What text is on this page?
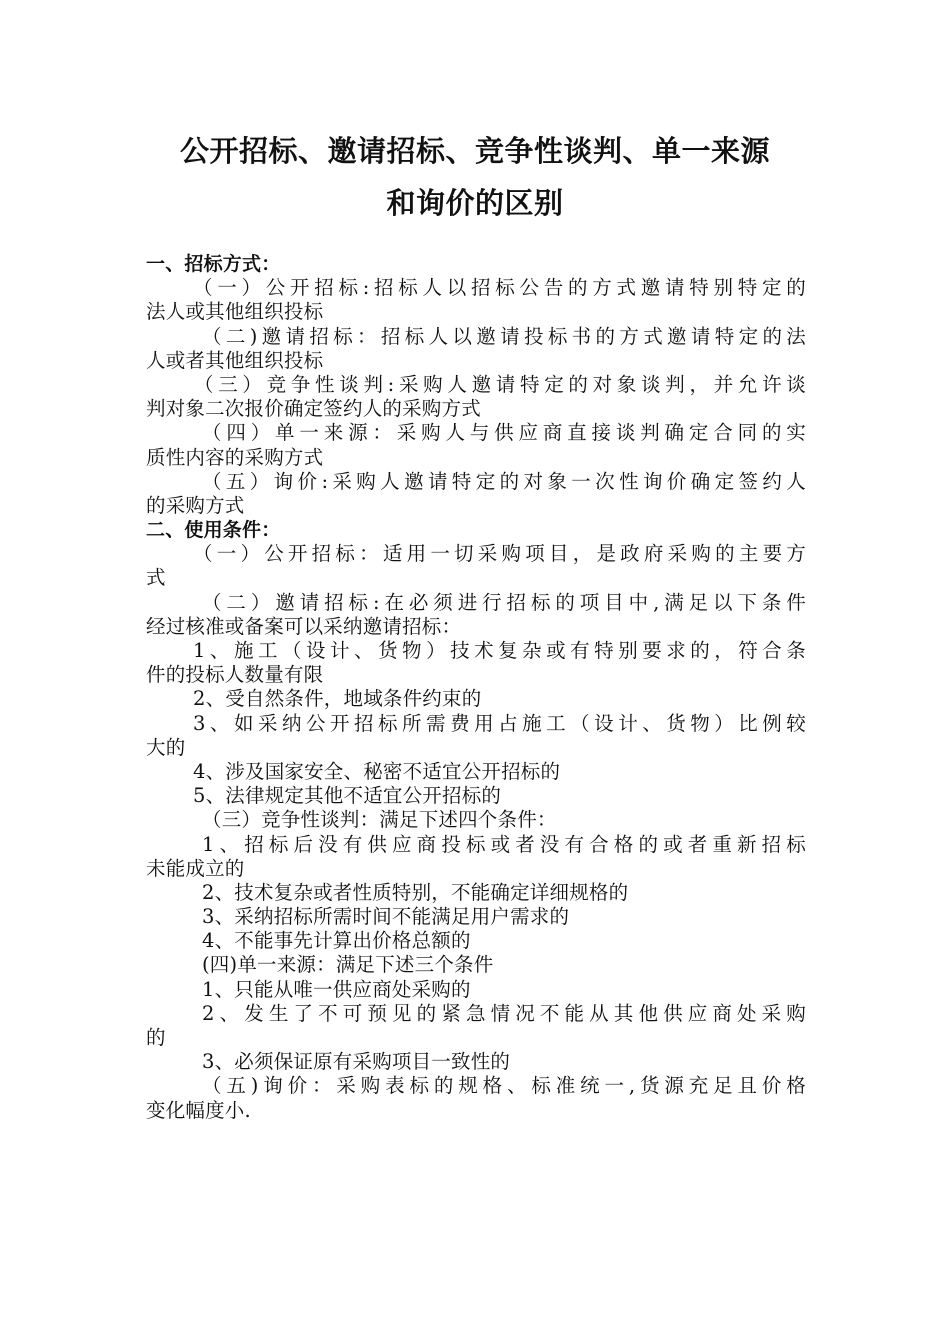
公开招标、邀请招标、竞争性谈判、单一来源
和询价的区别
一、招标方式：
（一）公开招标:招标人以招标公告的方式邀请特别特定的
法人或其他组织投标
（二)邀请招标：招标人以邀请投标书的方式邀请特定的法
人或者其他组织投标
（三）竞争性谈判:采购人邀请特定的对象谈判，并允许谈
判对象二次报价确定签约人的采购方式
（四）单一来源：采购人与供应商直接谈判确定合同的实
质性内容的采购方式
（五）询价:采购人邀请特定的对象一次性询价确定签约人
的采购方式
二、使用条件：
（一）公开招标：适用一切采购项目，是政府采购的主要方
式
（二）邀请招标:在必须进行招标的项目中,满足以下条件
经过核准或备案可以采纳邀请招标：
1、施工（设计、货物）技术复杂或有特别要求的，符合条
件的投标人数量有限
2、受自然条件，地域条件约束的
3、如采纳公开招标所需费用占施工（设计、货物）比例较
大的
4、涉及国家安全、秘密不适宜公开招标的
5、法律规定其他不适宜公开招标的
（三）竞争性谈判：满足下述四个条件：
1、招标后没有供应商投标或者没有合格的或者重新招标
未能成立的
2、技术复杂或者性质特别，不能确定详细规格的
3、采纳招标所需时间不能满足用户需求的
4、不能事先计算出价格总额的
(四)单一来源：满足下述三个条件
1、只能从唯一供应商处采购的
2、发生了不可预见的紧急情况不能从其他供应商处采购
的
3、必须保证原有采购项目一致性的
（五)询价：采购表标的规格、标准统一,货源充足且价格
变化幅度小.
